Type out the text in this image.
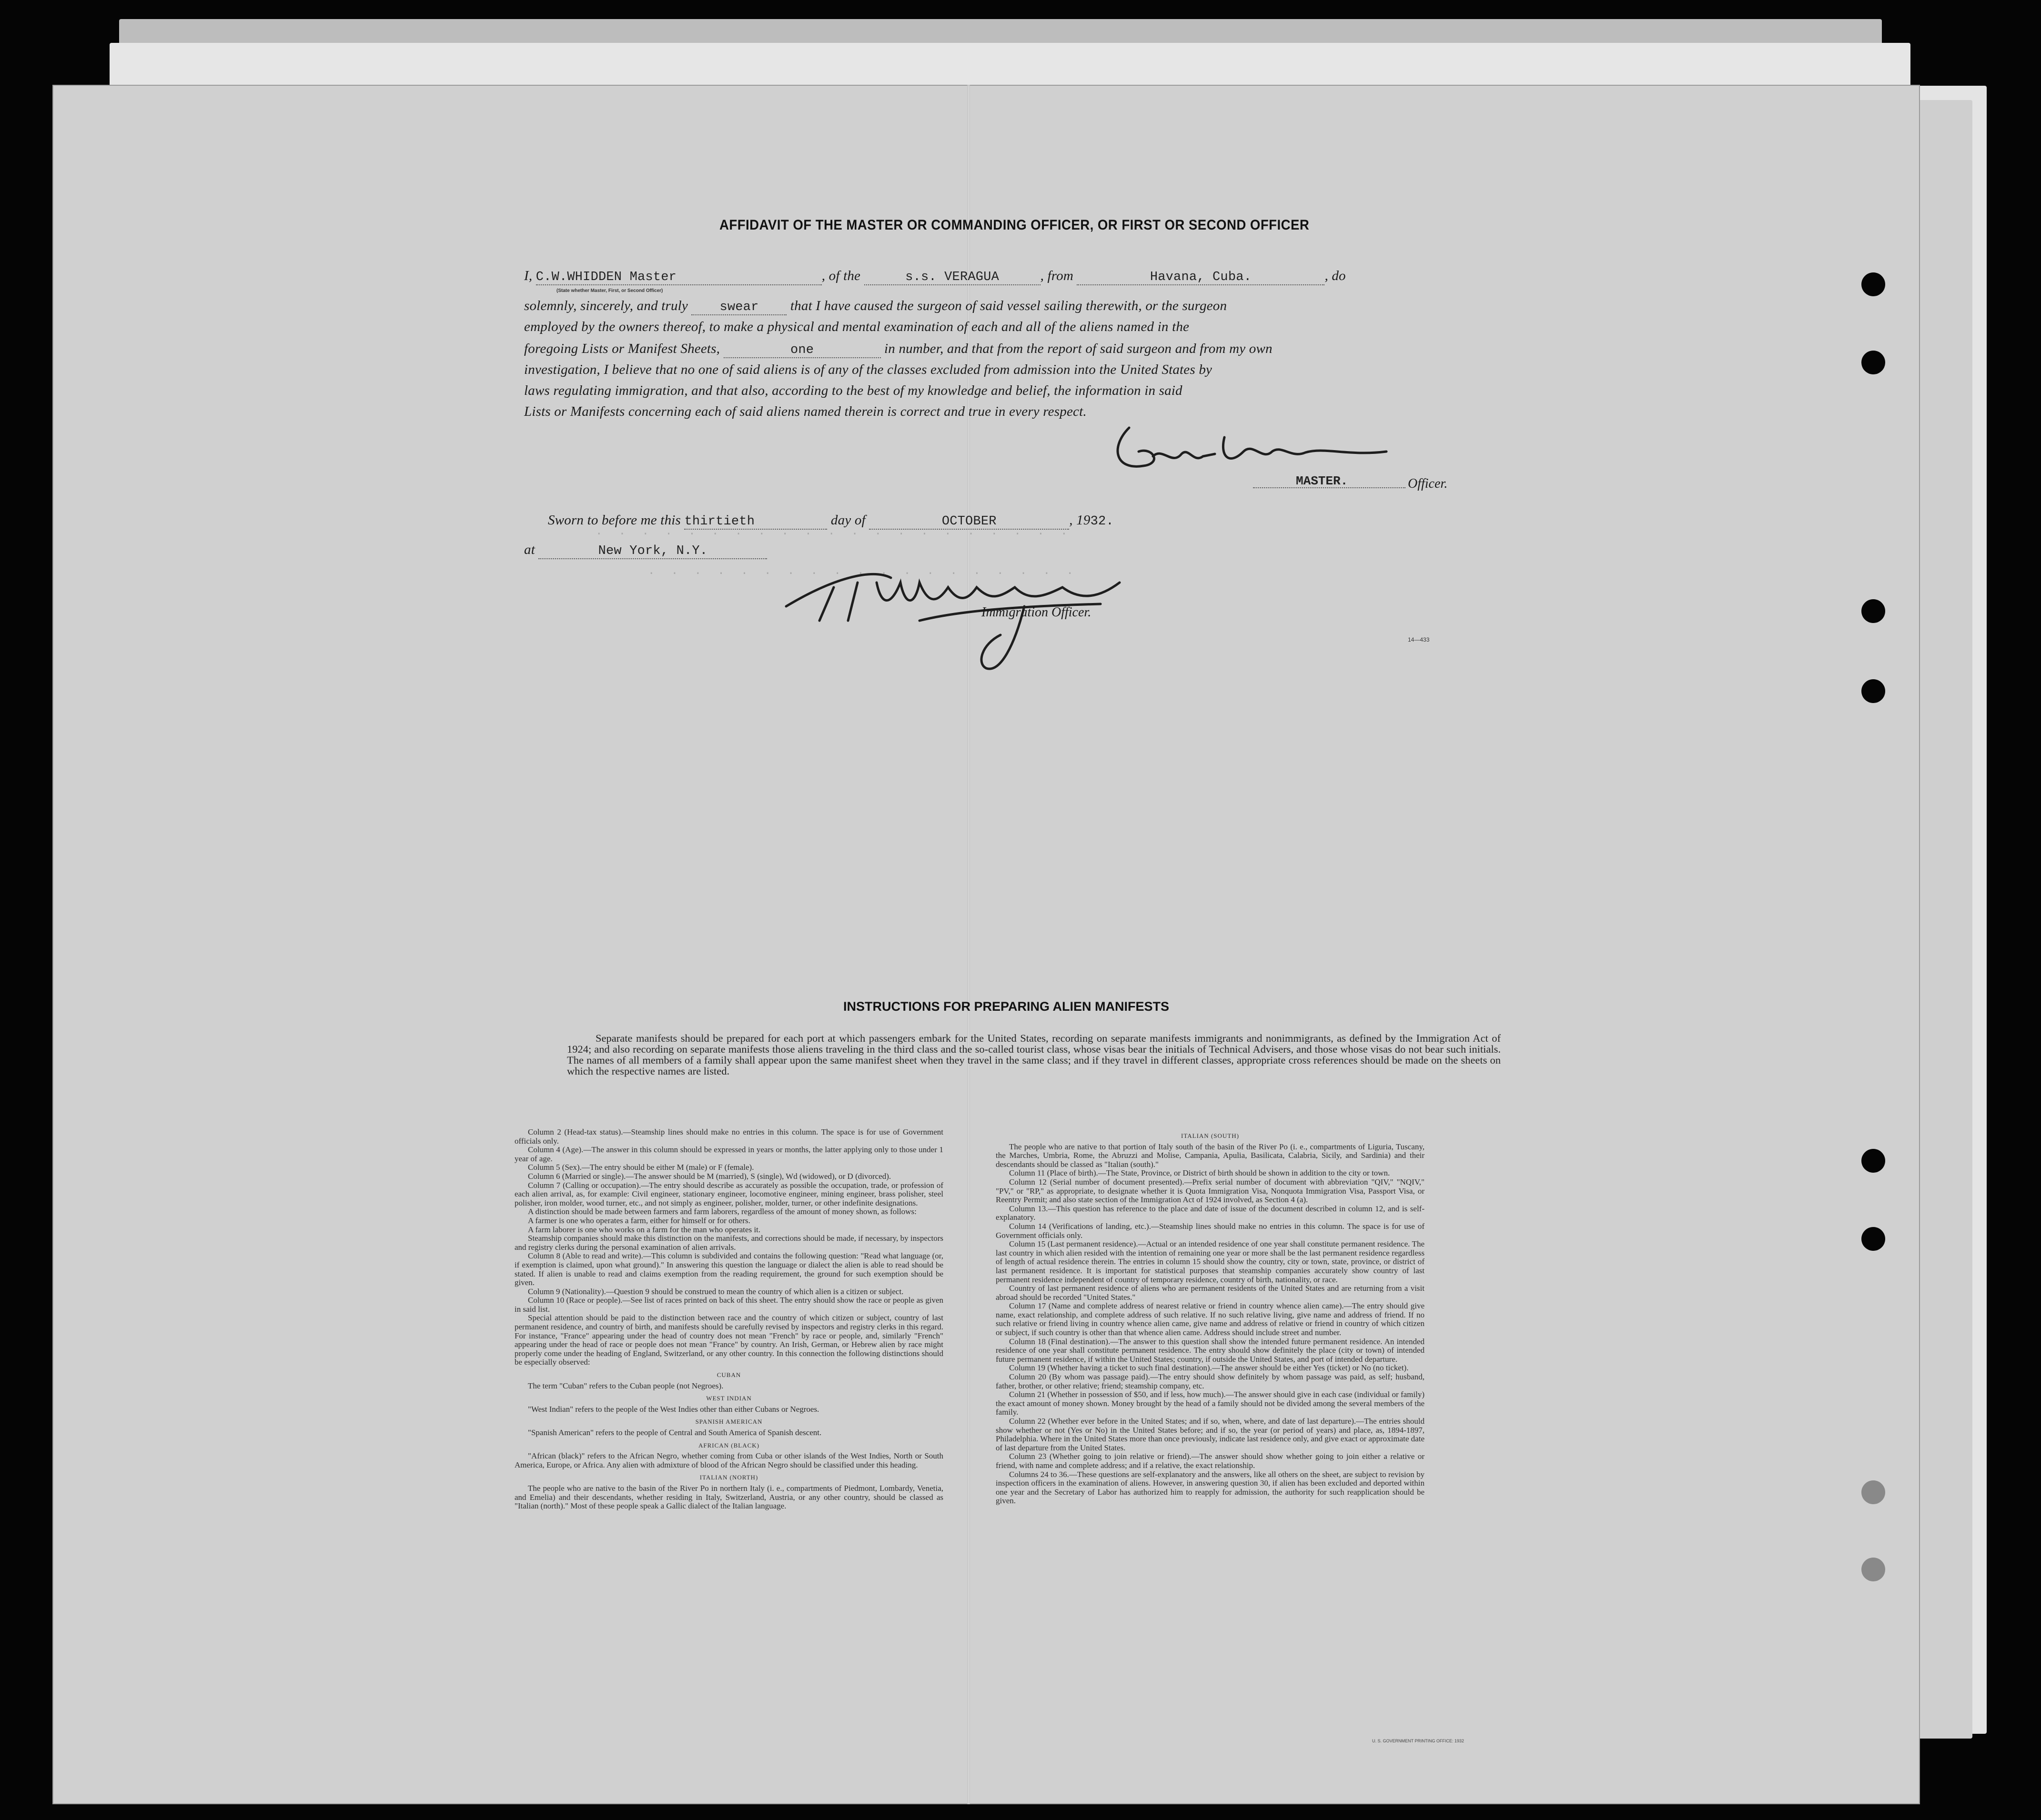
. . . . . . . . . . . . . . . . . . . . .
. . . . . . . . . . . . . . . . . . .
AFFIDAVIT OF THE MASTER OR COMMANDING OFFICER, OR FIRST OR SECOND OFFICER
I, C.W.WHIDDEN Master	, of the	s.s. VERAGUA	, from	Havana, Cuba.	, do
(State whether Master, First, or Second Officer)
solemnly, sincerely, and truly swear that I have caused the surgeon of said vessel sailing therewith, or the surgeon
employed by the owners thereof, to make a physical and mental examination of each and all of the aliens named in the
foregoing Lists or Manifest Sheets,	one	in number, and that from the report of said surgeon and from my own
investigation, I believe that no one of said aliens is of any of the classes excluded from admission into the United States by
laws regulating immigration, and that also, according to the best of my knowledge and belief, the information in said
Lists or Manifests concerning each of said aliens named therein is correct and true in every respect.
MASTER.	Officer.
Sworn to before me this thirtieth	day of	OCTOBER	, 1932.
at	New York, N.Y.
Immigration Officer.
14—433
INSTRUCTIONS FOR PREPARING ALIEN MANIFESTS
Separate manifests should be prepared for each port at which passengers embark for the United States, recording on separate manifests immigrants and nonimmigrants, as defined by the Immigration Act of 1924; and also recording on separate manifests those aliens traveling in the third class and the so-called tourist class, whose visas bear the initials of Technical Advisers, and those whose visas do not bear such initials. The names of all members of a family shall appear upon the same manifest sheet when they travel in the same class; and if they travel in different classes, appropriate cross references should be made on the sheets on which the respective names are listed.

Column 2 (Head-tax status).—Steamship lines should make no entries in this column. The space is for use of Government officials only.

Column 4 (Age).—The answer in this column should be expressed in years or months, the latter applying only to those under 1 year of age.

Column 5 (Sex).—The entry should be either M (male) or F (female).

Column 6 (Married or single).—The answer should be M (married), S (single), Wd (widowed), or D (divorced).

Column 7 (Calling or occupation).—The entry should describe as accurately as possible the occupation, trade, or profession of each alien arrival, as, for example: Civil engineer, stationary engineer, locomotive engineer, mining engineer, brass polisher, steel polisher, iron molder, wood turner, etc., and not simply as engineer, polisher, molder, turner, or other indefinite designations.

A distinction should be made between farmers and farm laborers, regardless of the amount of money shown, as follows:

A farmer is one who operates a farm, either for himself or for others.

A farm laborer is one who works on a farm for the man who operates it.

Steamship companies should make this distinction on the manifests, and corrections should be made, if necessary, by inspectors and registry clerks during the personal examination of alien arrivals.

Column 8 (Able to read and write).—This column is subdivided and contains the following question: "Read what language (or, if exemption is claimed, upon what ground)." In answering this question the language or dialect the alien is able to read should be stated. If alien is unable to read and claims exemption from the reading requirement, the ground for such exemption should be given.

Column 9 (Nationality).—Question 9 should be construed to mean the country of which alien is a citizen or subject.

Column 10 (Race or people).—See list of races printed on back of this sheet. The entry should show the race or people as given in said list.

Special attention should be paid to the distinction between race and the country of which citizen or subject, country of last permanent residence, and country of birth, and manifests should be carefully revised by inspectors and registry clerks in this regard. For instance, "France" appearing under the head of country does not mean "French" by race or people, and, similarly "French" appearing under the head of race or people does not mean "France" by country. An Irish, German, or Hebrew alien by race might properly come under the heading of England, Switzerland, or any other country. In this connection the following distinctions should be especially observed:

CUBAN

The term "Cuban" refers to the Cuban people (not Negroes).

WEST INDIAN

"West Indian" refers to the people of the West Indies other than either Cubans or Negroes.

SPANISH AMERICAN

"Spanish American" refers to the people of Central and South America of Spanish descent.

AFRICAN (BLACK)

"African (black)" refers to the African Negro, whether coming from Cuba or other islands of the West Indies, North or South America, Europe, or Africa. Any alien with admixture of blood of the African Negro should be classified under this heading.

ITALIAN (NORTH)

The people who are native to the basin of the River Po in northern Italy (i. e., compartments of Piedmont, Lombardy, Venetia, and Emelia) and their descendants, whether residing in Italy, Switzerland, Austria, or any other country, should be classed as "Italian (north)." Most of these people speak a Gallic dialect of the Italian language.

ITALIAN (SOUTH)

The people who are native to that portion of Italy south of the basin of the River Po (i. e., compartments of Liguria, Tuscany, the Marches, Umbria, Rome, the Abruzzi and Molise, Campania, Apulia, Basilicata, Calabria, Sicily, and Sardinia) and their descendants should be classed as "Italian (south)."

Column 11 (Place of birth).—The State, Province, or District of birth should be shown in addition to the city or town.

Column 12 (Serial number of document presented).—Prefix serial number of document with abbreviation "QIV," "NQIV," "PV," or "RP," as appropriate, to designate whether it is Quota Immigration Visa, Nonquota Immigration Visa, Passport Visa, or Reentry Permit; and also state section of the Immigration Act of 1924 involved, as Section 4 (a).

Column 13.—This question has reference to the place and date of issue of the document described in column 12, and is self-explanatory.

Column 14 (Verifications of landing, etc.).—Steamship lines should make no entries in this column. The space is for use of Government officials only.

Column 15 (Last permanent residence).—Actual or an intended residence of one year shall constitute permanent residence. The last country in which alien resided with the intention of remaining one year or more shall be the last permanent residence regardless of length of actual residence therein. The entries in column 15 should show the country, city or town, state, province, or district of last permanent residence. It is important for statistical purposes that steamship companies accurately show country of last permanent residence independent of country of temporary residence, country of birth, nationality, or race.

Country of last permanent residence of aliens who are permanent residents of the United States and are returning from a visit abroad should be recorded "United States."

Column 17 (Name and complete address of nearest relative or friend in country whence alien came).—The entry should give name, exact relationship, and complete address of such relative. If no such relative living, give name and address of friend. If no such relative or friend living in country whence alien came, give name and address of relative or friend in country of which citizen or subject, if such country is other than that whence alien came. Address should include street and number.

Column 18 (Final destination).—The answer to this question shall show the intended future permanent residence. An intended residence of one year shall constitute permanent residence. The entry should show definitely the place (city or town) of intended future permanent residence, if within the United States; country, if outside the United States, and port of intended departure.

Column 19 (Whether having a ticket to such final destination).—The answer should be either Yes (ticket) or No (no ticket).

Column 20 (By whom was passage paid).—The entry should show definitely by whom passage was paid, as self; husband, father, brother, or other relative; friend; steamship company, etc.

Column 21 (Whether in possession of $50, and if less, how much).—The answer should give in each case (individual or family) the exact amount of money shown. Money brought by the head of a family should not be divided among the several members of the family.

Column 22 (Whether ever before in the United States; and if so, when, where, and date of last departure).—The entries should show whether or not (Yes or No) in the United States before; and if so, the year (or period of years) and place, as, 1894-1897, Philadelphia. Where in the United States more than once previously, indicate last residence only, and give exact or approximate date of last departure from the United States.

Column 23 (Whether going to join relative or friend).—The answer should show whether going to join either a relative or friend, with name and complete address; and if a relative, the exact relationship.

Columns 24 to 36.—These questions are self-explanatory and the answers, like all others on the sheet, are subject to revision by inspection officers in the examination of aliens. However, in answering question 30, if alien has been excluded and deported within one year and the Secretary of Labor has authorized him to reapply for admission, the authority for such reapplication should be given.

U. S. GOVERNMENT PRINTING OFFICE: 1932
